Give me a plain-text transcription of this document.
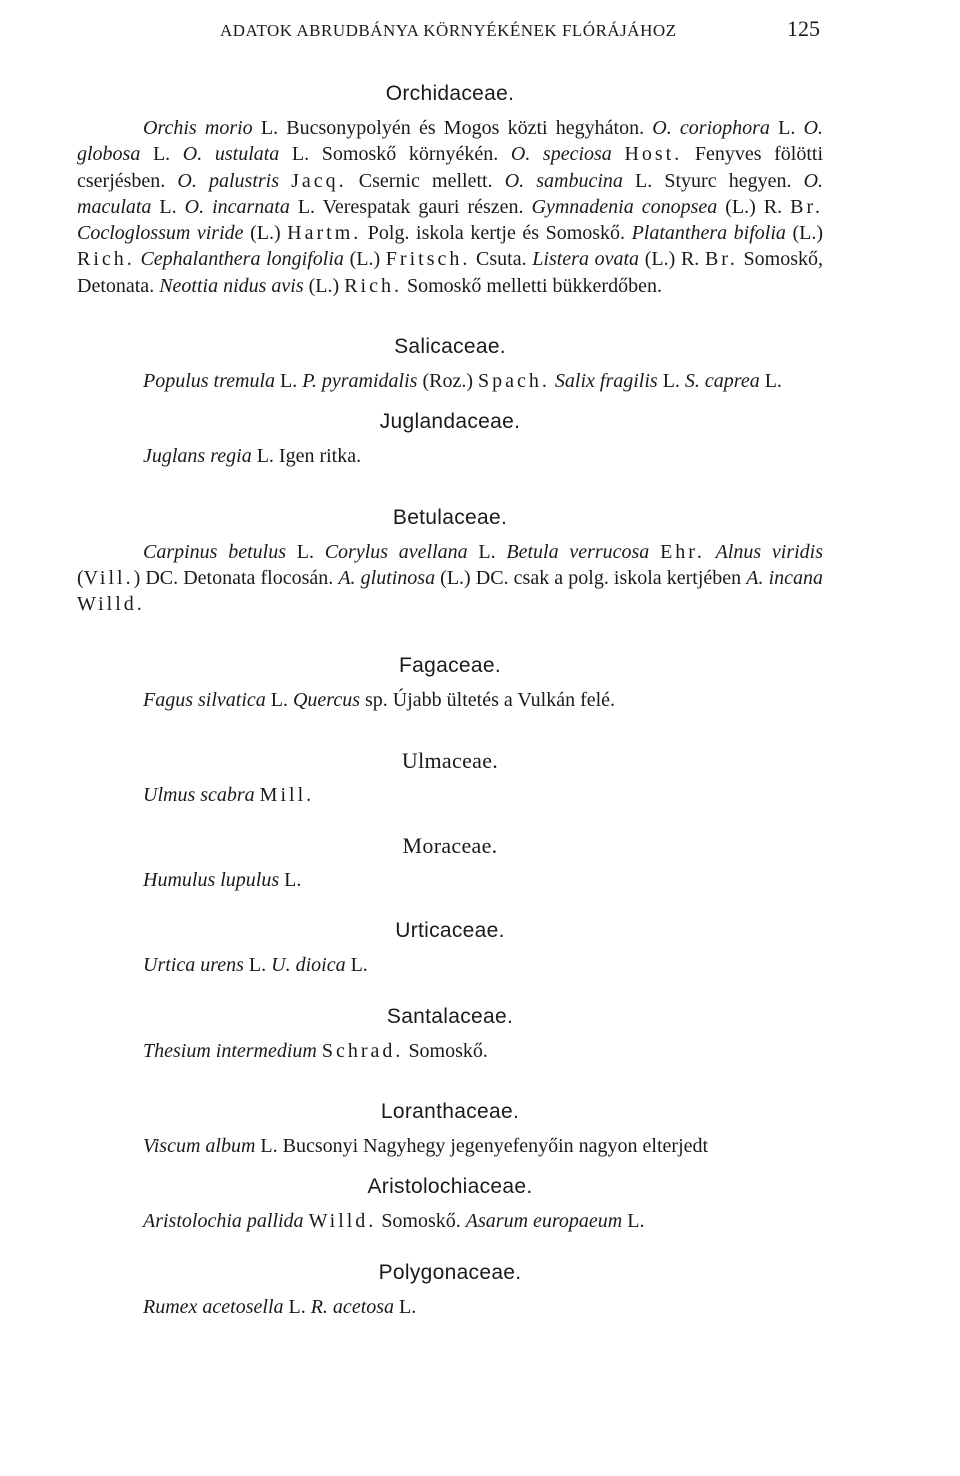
ADATOK ABRUDBÁNYA KÖRNYÉKÉNEK FLÓRÁJÁHOZ	125
Orchidaceae.

Orchis morio L. Bucsonypolyén és Mogos közti hegyháton. O. coriophora L. O. globosa L. O. ustulata L. Somoskő környékén. O. speciosa Host. Fenyves fölötti cserjésben. O. palustris Jacq. Csernic mellett. O. sambucina L. Styurc hegyen. O. maculata L. O. incarnata L. Verespatak gauri részen. Gymnadenia conopsea (L.) R. Br. Cocloglossum viride (L.) Hartm. Polg. iskola kertje és Somoskő. Platanthera bifolia (L.) Rich. Cephalanthera longifolia (L.) Fritsch. Csuta. Listera ovata (L.) R. Br. Somoskő, Detonata. Neottia nidus avis (L.) Rich. Somoskő melletti bükkerdőben.

Salicaceae.

Populus tremula L. P. pyramidalis (Roz.) Spach. Salix fragilis L. S. caprea L.

Juglandaceae.

Juglans regia L. Igen ritka.

Betulaceae.

Carpinus betulus L. Corylus avellana L. Betula verrucosa Ehr. Alnus viridis (Vill.) DC. Detonata flocosán. A. glutinosa (L.) DC. csak a polg. iskola kertjében A. incana Willd.

Fagaceae.

Fagus silvatica L. Quercus sp. Újabb ültetés a Vulkán felé.

Ulmaceae.

Ulmus scabra Mill.

Moraceae.

Humulus lupulus L.

Urticaceae.

Urtica urens L. U. dioica L.

Santalaceae.

Thesium intermedium Schrad. Somoskő.

Loranthaceae.

Viscum album L. Bucsonyi Nagyhegy jegenyefenyőin nagyon elterjedt

Aristolochiaceae.

Aristolochia pallida Willd. Somoskő. Asarum europaeum L.

Polygonaceae.

Rumex acetosella L. R. acetosa L.
